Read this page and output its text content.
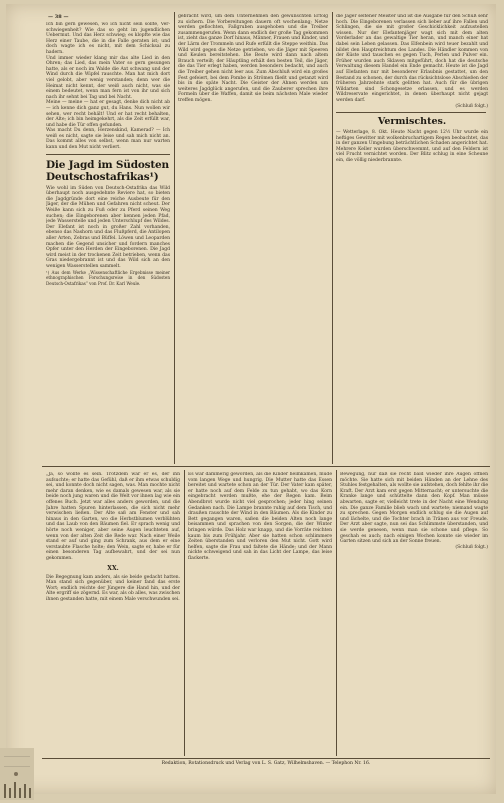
— 38 —

Ich bin gern gewesen, wo ich nicht sein sollte, Verschwiegenheit? Wie das so geht im jugendlichen Uebermut. Und das Herz schwieg; es klopfte wie das Herz einer Taube, die in die Falle geraten ist; und doch wagte ich es nicht, mit dem Schicksal zu hadern.

Und immer wieder klang mir das alte Lied in den Ohren; das Lied, das mein Vater so gern gesungen hatte, als er noch im Walde die Axt schwang und der Wind durch die Wipfel rauschte. Man hat mich dort viel gelobt, aber wenig verstanden; denn wer die Heimat nicht kennt, der weiß auch nicht, was sie einem bedeutet, wenn man fern ist von ihr und sich nach ihr sehnt bei Tag und bei Nacht.

Meine — meine — hat er gesagt, denke dich nicht ab — ich kenne dich ganz gut, du Hans. Nun wollen wir sehen, wer recht behält! Und er hat recht behalten, der Alte; ich bin heimgekehrt, als die Zeit erfüllt war, und habe die Tür offen gefunden.

Was macht Du denn, Herzenskind, Kamerad? — Ich weiß es nicht, sagte sie leise und sah mich nicht an. Das kommt alles von selbst, wenn man nur warten kann und den Mut nicht verliert.

Die Jagd im Südosten Deutschostafrikas¹)

Wie wohl im Süden von Deutsch-Ostafrika das Wild überhaupt noch ausgedehnte Reviere hat, so bieten die Jagdgründe dort eine reiche Ausbeute für den Jäger, der die Mühen und Gefahren nicht scheut. Der Weiße kann sich zu Fuß oder zu Pferd seinen Weg suchen; die Eingeborenen aber kennen jeden Pfad, jede Wasserstelle und jeden Unterschlupf des Wildes. Der Elefant ist noch in großer Zahl vorhanden, ebenso das Nashorn und das Flußpferd, die Antilopen aller Arten, Zebras und Büffel. Löwen und Leoparden machen die Gegend unsicher und fordern manches Opfer unter den Herden der Eingeborenen. Die Jagd wird meist in der trockenen Zeit betrieben, wenn das Gras niedergebrannt ist und das Wild sich an den wenigen Wasserstellen sammelt.

¹) Aus dem Werke „Wissenschaftliche Ergebnisse meiner ethnographischen Forschungsreise in den Südosten Deutsch-Ostafrikas“ von Prof. Dr. Karl Weule.

gebracht wird, um dem Unternehmen den gewünschten Erfolg zu sichern. Die Vorbereitungen dauern oft wochenlang; Netze werden geflochten, Fallgruben ausgehoben und die Treiber zusammengerufen. Wenn dann endlich der große Tag gekommen ist, zieht das ganze Dorf hinaus, Männer, Frauen und Kinder, und der Lärm der Trommeln und Rufe erfüllt die Steppe weithin. Das Wild wird gegen die Netze getrieben, wo die Jäger mit Speeren und Keulen bereitstehen. Die Beute wird dann nach altem Brauch verteilt; der Häuptling erhält den besten Teil, die Jäger, die das Tier erlegt haben, werden besonders bedacht, und auch die Treiber gehen nicht leer aus. Zum Abschluß wird ein großes Fest gefeiert, bei dem Pombe in Strömen fließt und getanzt wird bis in die späte Nacht. Die Geister der Ahnen werden um weiteres Jagdglück angerufen, und die Zauberer sprechen ihre Formeln über die Waffen, damit sie beim nächsten Male wieder treffen mögen.

die Jäger seltener Meister und ist die Ausgabe für den Schuß sehr hoch. Die Eingeborenen verlassen sich lieber auf ihre Fallen und Schlingen, die sie mit großer Geschicklichkeit aufzustellen wissen. Nur der Elefantenjäger wagt sich mit dem alten Vorderlader an das gewaltige Tier heran, und manch einer hat dabei sein Leben gelassen. Das Elfenbein wird teuer bezahlt und bildet den Hauptreichtum des Landes. Die Händler kommen von der Küste und tauschen es gegen Tuch, Perlen und Pulver ein. Früher wurden auch Sklaven mitgeführt, doch hat die deutsche Verwaltung diesem Handel ein Ende gemacht. Heute ist die Jagd auf Elefanten nur mit besonderer Erlaubnis gestattet, um den Bestand zu schonen, der durch das rücksichtslose Abschießen der früheren Jahrzehnte stark gelitten hat. Auch für die übrigen Wildarten sind Schongesetze erlassen, und es werden Wildreservate eingerichtet, in denen überhaupt nicht gejagt werden darf.

(Schluß folgt.)

Vermischtes.

— Wetterlage, 8. Okt. Heute Nacht gegen 12½ Uhr wurde ein heftiges Gewitter mit wolkenbruchartigem Regen beobachtet, das in der ganzen Umgebung beträchtlichen Schaden angerichtet hat. Mehrere Keller wurden überschwemmt, und auf den Feldern ist viel Frucht vernichtet worden. Der Blitz schlug in eine Scheune ein, die völlig niederbrannte.

„Ja, so wollte es sein. Trotzdem war er es, der ihn aufsuchte; er hatte das Gefühl, daß er ihm etwas schuldig sei, und konnte doch nicht sagen, was. Man mochte nicht mehr daran denken, wie es damals gewesen war, als sie beide noch jung waren und die Welt vor ihnen lag wie ein offenes Buch. Jetzt war alles anders geworden, und die Jahre hatten Spuren hinterlassen, die sich nicht mehr verwischen ließen. Der Alte saß am Fenster und sah hinaus in den Garten, wo die Herbstblumen verblühten und das Laub von den Bäumen fiel. Er sprach wenig und hörte noch weniger, aber seine Augen leuchteten auf, wenn von der alten Zeit die Rede war. Nach einer Weile stand er auf und ging zum Schrank, aus dem er eine verstaubte Flasche holte; den Wein, sagte er, habe er für einen besonderen Tag aufbewahrt, und der sei nun gekommen.

XX.

Die Begegnung kam anders, als sie beide gedacht hatten. Man stand sich gegenüber, und keiner fand das erste Wort; endlich reichte der Jüngere die Hand hin, und der Alte ergriff sie zögernd. Es war, als ob alles, was zwischen ihnen gestanden hatte, mit einem Male verschwunden sei.

Es war dämmerig geworden, als die Kinder heimkamen, müde vom langen Wege und hungrig. Die Mutter hatte das Essen bereitet und wartete schon an der Tür. Der Vater kam später, er hatte noch auf dem Felde zu tun gehabt, wo das Korn eingebracht werden mußte, ehe der Regen kam. Beim Abendbrot wurde nicht viel gesprochen; jeder hing seinen Gedanken nach. Die Lampe brannte ruhig auf dem Tisch, und draußen rauschte der Wind in den Bäumen. Als die Kinder zu Bett gegangen waren, saßen die beiden Alten noch lange beisammen und sprachen von den Sorgen, die der Winter bringen würde. Das Holz war knapp, und die Vorräte reichten kaum bis zum Frühjahr. Aber sie hatten schon schlimmere Zeiten überstanden und verloren den Mut nicht. Gott wird helfen, sagte die Frau und faltete die Hände; und der Mann nickte schweigend und sah in das Licht der Lampe, das leise flackerte.

Bewegung, nur daß sie recht bald wieder ihre Augen öffnen möchte. Sie hatte sich mit beiden Händen an der Lehne des Stuhles festgehalten, als wollte sie aufstehen, doch fehlte ihr die Kraft. Der Arzt kam erst gegen Mitternacht; er untersuchte die Kranke lange und schüttelte dann den Kopf. Man müsse abwarten, sagte er, vielleicht trete in der Nacht eine Wendung ein. Die ganze Familie blieb wach und wartete; niemand wagte zu sprechen. Gegen Morgen endlich schlug sie die Augen auf und lächelte, und die Tochter brach in Tränen aus vor Freude. Der Arzt aber sagte, nun sei das Schlimmste überstanden, und sie werde genesen, wenn man sie schone und pflege. So geschah es auch; nach einigen Wochen konnte sie wieder im Garten sitzen und sich an der Sonne freuen.

(Schluß folgt.)

Redaktion, Rotationsdruck und Verlag von L. S. Gatz, Wilhelmshaven. — Telephon Nr. 16.
